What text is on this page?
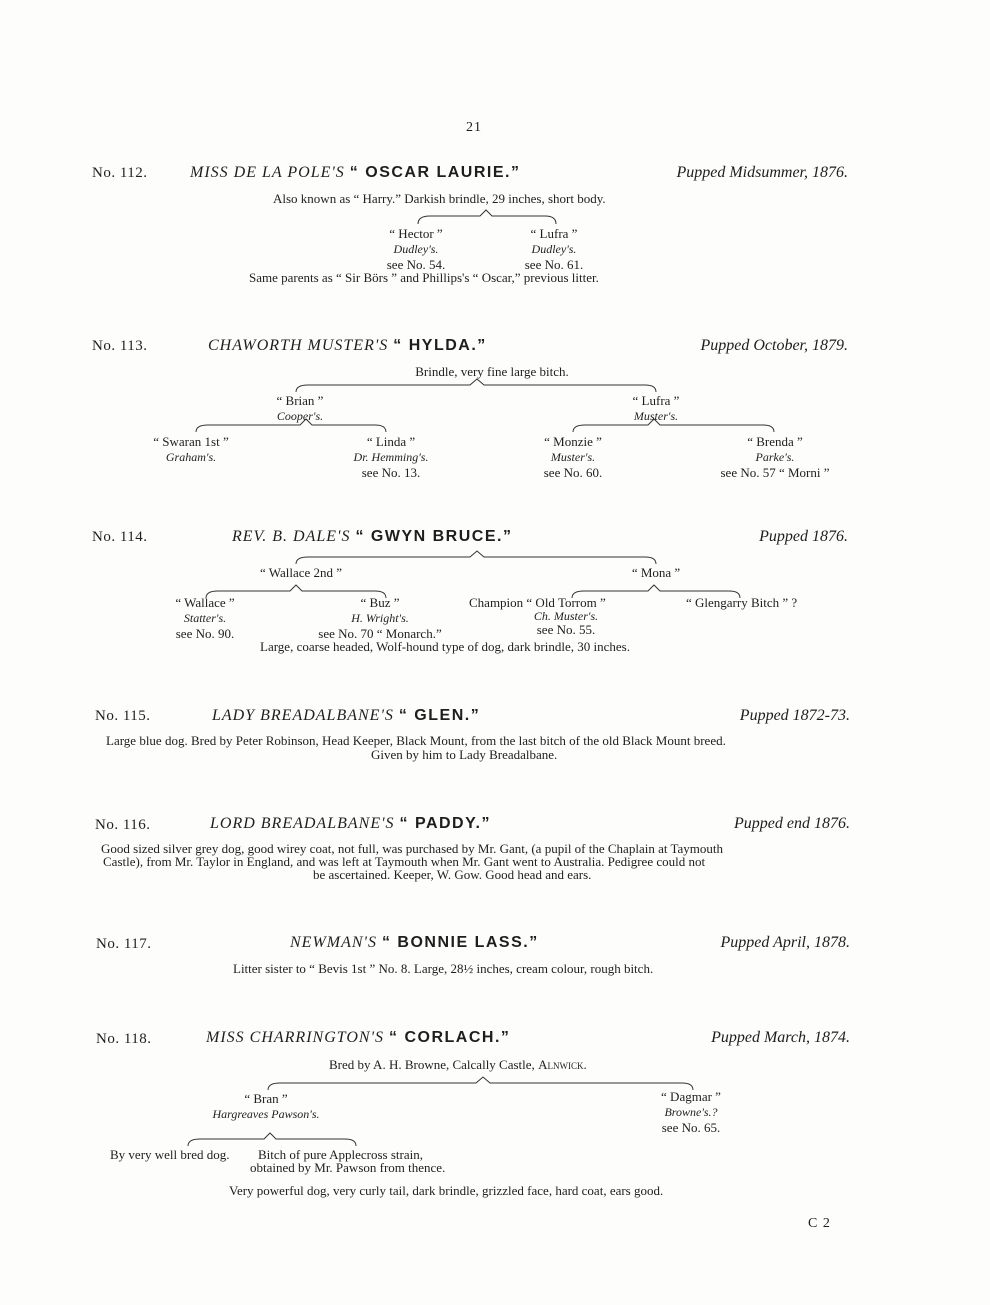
21
No. 112.	MISS DE LA POLE'S “ OSCAR LAURIE.”	Pupped Midsummer, 1876.
Also known as “ Harry.” Darkish brindle, 29 inches, short body.
“ Hector ”
Dudley's.
see No. 54.
“ Lufra ”
Dudley's.
see No. 61.
Same parents as “ Sir Börs ” and Phillips's “ Oscar,” previous litter.
No. 113.	CHAWORTH MUSTER'S “ HYLDA.”	Pupped October, 1879.
Brindle, very fine large bitch.
“ Brian ”
Cooper's.
“ Lufra ”
Muster's.
“ Swaran 1st ”
Graham's.
“ Linda ”
Dr. Hemming's.
see No. 13.
“ Monzie ”
Muster's.
see No. 60.
“ Brenda ”
Parke's.
see No. 57 “ Morni ”
No. 114.	REV. B. DALE'S “ GWYN BRUCE.”	Pupped 1876.
“ Wallace 2nd ”	“ Mona ”
“ Wallace ”
Statter's.
see No. 90.
“ Buz ”
H. Wright's.
see No. 70 “ Monarch.”
Champion “ Old Torrom ”
Ch. Muster's.
see No. 55.
“ Glengarry Bitch ” ?
Large, coarse headed, Wolf-hound type of dog, dark brindle, 30 inches.
No. 115.	LADY BREADALBANE'S “ GLEN.”	Pupped 1872-73.
Large blue dog. Bred by Peter Robinson, Head Keeper, Black Mount, from the last bitch of the old Black Mount breed.
Given by him to Lady Breadalbane.
No. 116.	LORD BREADALBANE'S “ PADDY.”	Pupped end 1876.
Good sized silver grey dog, good wirey coat, not full, was purchased by Mr. Gant, (a pupil of the Chaplain at Taymouth
Castle), from Mr. Taylor in England, and was left at Taymouth when Mr. Gant went to Australia. Pedigree could not
be ascertained. Keeper, W. Gow. Good head and ears.
No. 117.	NEWMAN'S “ BONNIE LASS.”	Pupped April, 1878.
Litter sister to “ Bevis 1st ” No. 8. Large, 28½ inches, cream colour, rough bitch.
No. 118.	MISS CHARRINGTON'S “ CORLACH.”	Pupped March, 1874.
Bred by A. H. Browne, Calcally Castle, Alnwick.
“ Bran ”
Hargreaves Pawson's.
“ Dagmar ”
Browne's.?
see No. 65.
By very well bred dog. Bitch of pure Applecross strain,
obtained by Mr. Pawson from thence.
Very powerful dog, very curly tail, dark brindle, grizzled face, hard coat, ears good.
C 2
